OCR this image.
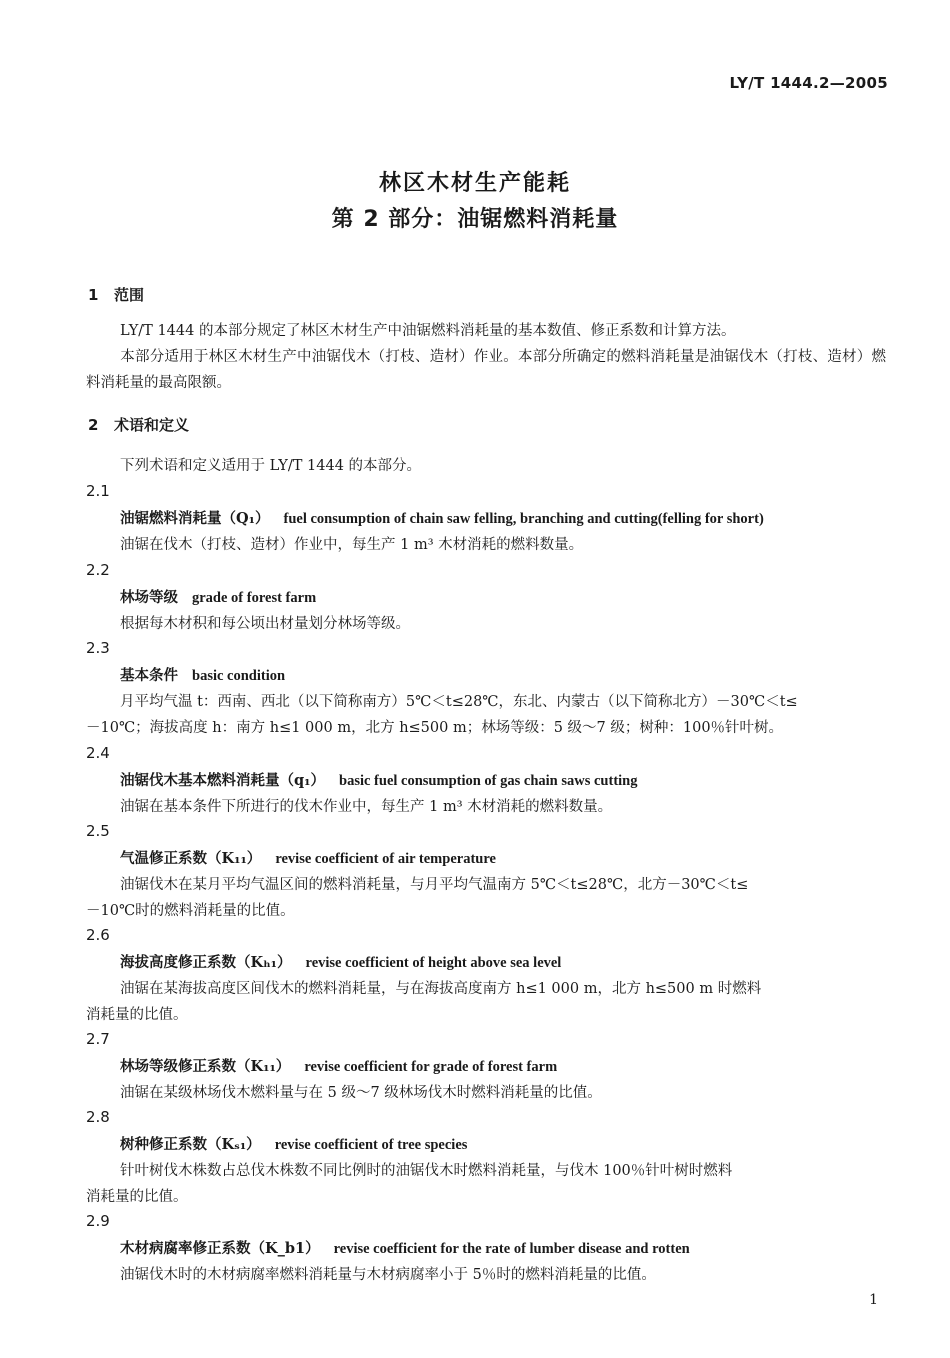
LY/T 1444.2—2005
林区木材生产能耗
第 2 部分：油锯燃料消耗量
1 范围
LY/T 1444 的本部分规定了林区木材生产中油锯燃料消耗量的基本数值、修正系数和计算方法。
本部分适用于林区木材生产中油锯伐木（打枝、造材）作业。本部分所确定的燃料消耗量是油锯伐木（打枝、造材）燃料消耗量的最高限额。
2 术语和定义
下列术语和定义适用于 LY/T 1444 的本部分。
2.1
油锯燃料消耗量（Q₁） fuel consumption of chain saw felling, branching and cutting(felling for short)
油锯在伐木（打枝、造材）作业中，每生产 1 m³ 木材消耗的燃料数量。
2.2
林场等级 grade of forest farm
根据每木材积和每公顷出材量划分林场等级。
2.3
基本条件 basic condition
月平均气温 t：西南、西北（以下简称南方）5℃＜t≤28℃，东北、内蒙古（以下简称北方）－30℃＜t≤
－10℃；海拔高度 h：南方 h≤1 000 m，北方 h≤500 m；林场等级：5 级～7 级；树种：100％针叶树。
2.4
油锯伐木基本燃料消耗量（q₁） basic fuel consumption of gas chain saws cutting
油锯在基本条件下所进行的伐木作业中，每生产 1 m³ 木材消耗的燃料数量。
2.5
气温修正系数（K₁₁） revise coefficient of air temperature
油锯伐木在某月平均气温区间的燃料消耗量，与月平均气温南方 5℃＜t≤28℃，北方－30℃＜t≤
－10℃时的燃料消耗量的比值。
2.6
海拔高度修正系数（Kₕ₁） revise coefficient of height above sea level
油锯在某海拔高度区间伐木的燃料消耗量，与在海拔高度南方 h≤1 000 m，北方 h≤500 m 时燃料
消耗量的比值。
2.7
林场等级修正系数（K₁₁） revise coefficient for grade of forest farm
油锯在某级林场伐木燃料量与在 5 级～7 级林场伐木时燃料消耗量的比值。
2.8
树种修正系数（Kₛ₁） revise coefficient of tree species
针叶树伐木株数占总伐木株数不同比例时的油锯伐木时燃料消耗量，与伐木 100％针叶树时燃料
消耗量的比值。
2.9
木材病腐率修正系数（K_b1） revise coefficient for the rate of lumber disease and rotten
油锯伐木时的木材病腐率燃料消耗量与木材病腐率小于 5％时的燃料消耗量的比值。
1
